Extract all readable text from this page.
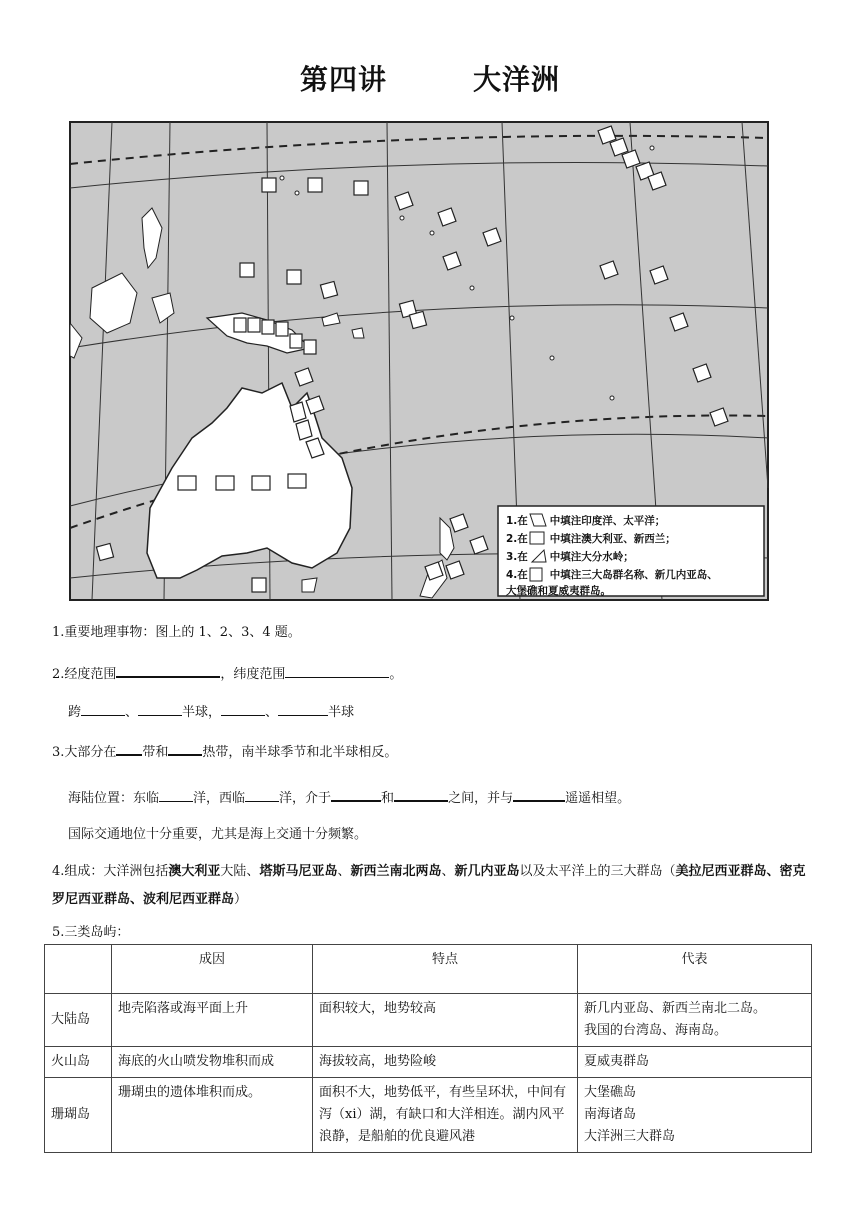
第四讲        大洋洲
1.在 中填注印度洋、太平洋；
2.在 中填注澳大利亚、新西兰；
3.在 中填注大分水岭；
4.在 中填注三大岛群名称、新几内亚岛、
大堡礁和夏威夷群岛。
1.重要地理事物：图上的 1、2、3、4 题。
2.经度范围	，纬度范围	。
跨	、	半球，	、	半球
3.大部分在 带和	热带，南半球季节和北半球相反。
海陆位置：东临	洋，西临	洋，介于	和	之间，并与	遥遥相望。
国际交通地位十分重要，尤其是海上交通十分频繁。
4.组成：大洋洲包括澳大利亚大陆、塔斯马尼亚岛、新西兰南北两岛、新几内亚岛以及太平洋上的三大群岛（美拉尼西亚群岛、密克罗尼西亚群岛、波利尼西亚群岛）
5.三类岛屿：
	成因	特点	代表
大陆岛	地壳陷落或海平面上升	面积较大，地势较高	新几内亚岛、新西兰南北二岛。
我国的台湾岛、海南岛。

火山岛	海底的火山喷发物堆积而成	海拔较高，地势险峻	夏威夷群岛
珊瑚岛	珊瑚虫的遗体堆积而成。	面积不大，地势低平，有些呈环状，中间有泻（xi）湖，有缺口和大洋相连。湖内风平浪静，是船舶的优良避风港	大堡礁岛
南海诸岛
大洋洲三大群岛
